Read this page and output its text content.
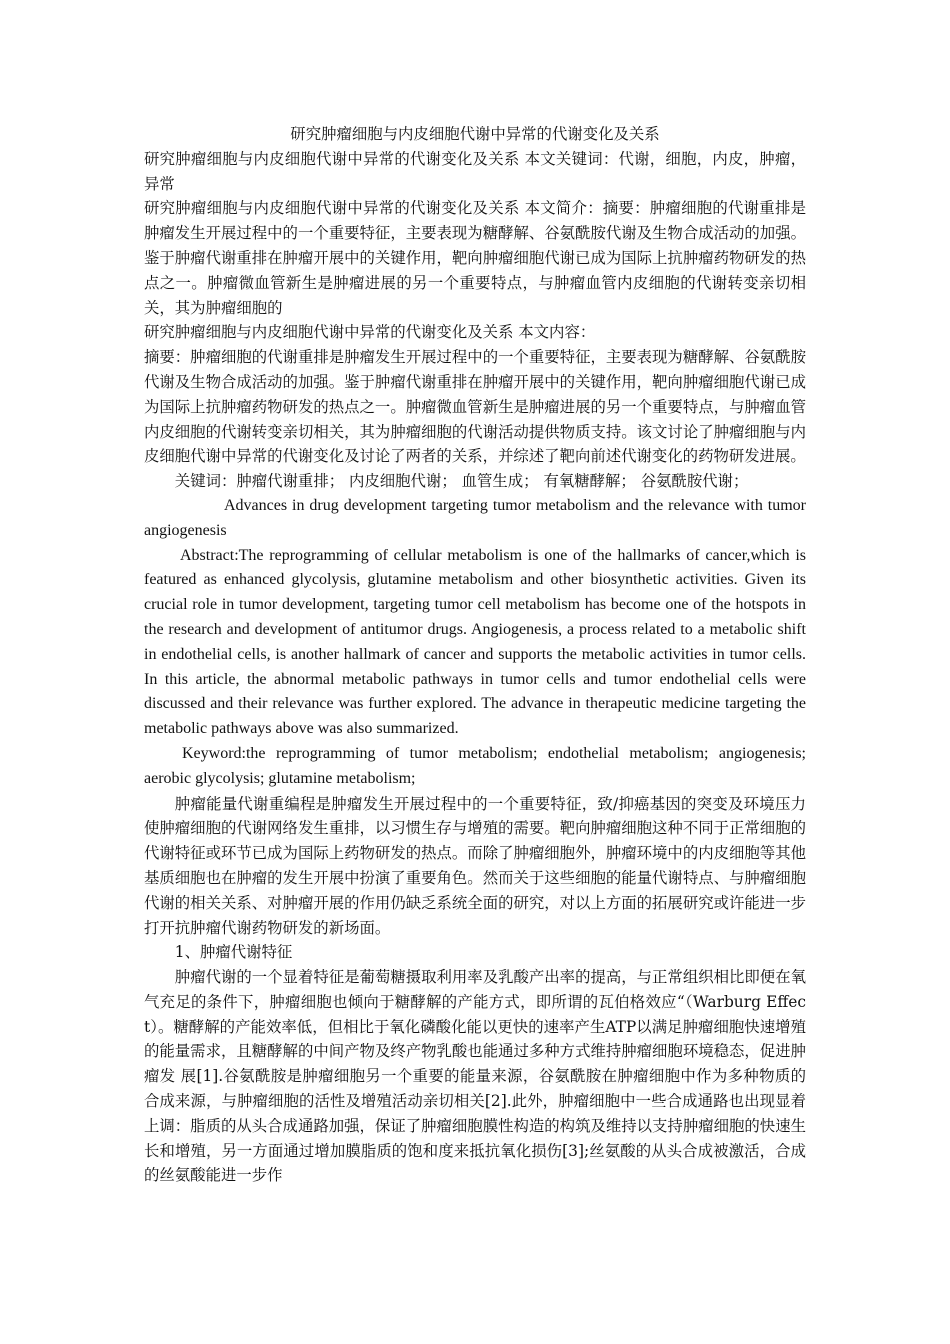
研究肿瘤细胞与内皮细胞代谢中异常的代谢变化及关系

研究肿瘤细胞与内皮细胞代谢中异常的代谢变化及关系 本文关键词：代谢，细胞，内皮，肿瘤，异常

研究肿瘤细胞与内皮细胞代谢中异常的代谢变化及关系 本文简介：摘要：肿瘤细胞的代谢重排是肿瘤发生开展过程中的一个重要特征，主要表现为糖酵解、谷氨酰胺代谢及生物合成活动的加强。鉴于肿瘤代谢重排在肿瘤开展中的关键作用，靶向肿瘤细胞代谢已成为国际上抗肿瘤药物研发的热点之一。肿瘤微血管新生是肿瘤进展的另一个重要特点，与肿瘤血管内皮细胞的代谢转变亲切相关，其为肿瘤细胞的

研究肿瘤细胞与内皮细胞代谢中异常的代谢变化及关系 本文内容：

摘要：肿瘤细胞的代谢重排是肿瘤发生开展过程中的一个重要特征，主要表现为糖酵解、谷氨酰胺代谢及生物合成活动的加强。鉴于肿瘤代谢重排在肿瘤开展中的关键作用，靶向肿瘤细胞代谢已成为国际上抗肿瘤药物研发的热点之一。肿瘤微血管新生是肿瘤进展的另一个重要特点，与肿瘤血管内皮细胞的代谢转变亲切相关，其为肿瘤细胞的代谢活动提供物质支持。该文讨论了肿瘤细胞与内皮细胞代谢中异常的代谢变化及讨论了两者的关系，并综述了靶向前述代谢变化的药物研发进展。

关键词：肿瘤代谢重排； 内皮细胞代谢； 血管生成； 有氧糖酵解； 谷氨酰胺代谢；

Advances in drug development targeting tumor metabolism and the relevance with tumor angiogenesis

Abstract:The reprogramming of cellular metabolism is one of the hallmarks of cancer,which is featured as enhanced glycolysis, glutamine metabolism and other biosynthetic activities. Given its crucial role in tumor development, targeting tumor cell metabolism has become one of the hotspots in the research and development of antitumor drugs. Angiogenesis, a process related to a metabolic shift in endothelial cells, is another hallmark of cancer and supports the metabolic activities in tumor cells. In this article, the abnormal metabolic pathways in tumor cells and tumor endothelial cells were discussed and their relevance was further explored. The advance in therapeutic medicine targeting the metabolic pathways above was also summarized.

Keyword:the reprogramming of tumor metabolism; endothelial metabolism; angiogenesis; aerobic glycolysis; glutamine metabolism;

肿瘤能量代谢重编程是肿瘤发生开展过程中的一个重要特征，致/抑癌基因的突变及环境压力使肿瘤细胞的代谢网络发生重排，以习惯生存与增殖的需要。靶向肿瘤细胞这种不同于正常细胞的代谢特征或环节已成为国际上药物研发的热点。而除了肿瘤细胞外，肿瘤环境中的内皮细胞等其他基质细胞也在肿瘤的发生开展中扮演了重要角色。然而关于这些细胞的能量代谢特点、与肿瘤细胞代谢的相关关系、对肿瘤开展的作用仍缺乏系统全面的研究，对以上方面的拓展研究或许能进一步打开抗肿瘤代谢药物研发的新场面。

1、肿瘤代谢特征

肿瘤代谢的一个显着特征是葡萄糖摄取利用率及乳酸产出率的提高，与正常组织相比即便在氧气充足的条件下，肿瘤细胞也倾向于糖酵解的产能方式，即所谓的瓦伯格效应“（Warburg Effect）。糖酵解的产能效率低，但相比于氧化磷酸化能以更快的速率产生ATP以满足肿瘤细胞快速增殖的能量需求，且糖酵解的中间产物及终产物乳酸也能通过多种方式维持肿瘤细胞环境稳态，促进肿瘤发 展[1].谷氨酰胺是肿瘤细胞另一个重要的能量来源，谷氨酰胺在肿瘤细胞中作为多种物质的合成来源，与肿瘤细胞的活性及增殖活动亲切相关[2].此外，肿瘤细胞中一些合成通路也出现显着上调：脂质的从头合成通路加强，保证了肿瘤细胞膜性构造的构筑及维持以支持肿瘤细胞的快速生长和增殖，另一方面通过增加膜脂质的饱和度来抵抗氧化损伤[3];丝氨酸的从头合成被激活，合成的丝氨酸能进一步作
